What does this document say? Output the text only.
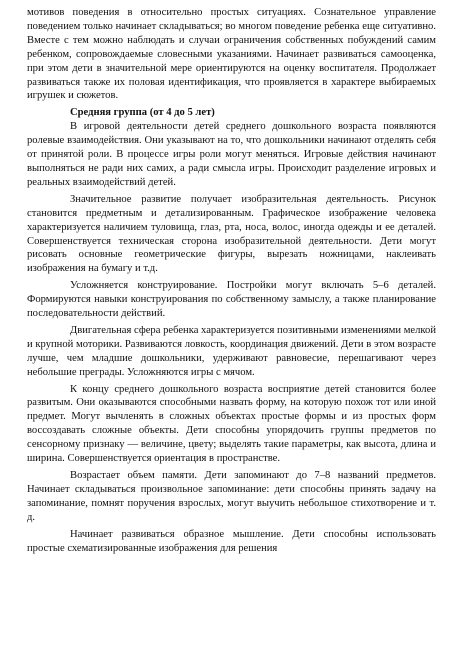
мотивов поведения в относительно простых ситуациях. Сознательное управление поведением только начинает складываться; во многом поведение ребенка еще ситуативно. Вместе с тем можно наблюдать и случаи ограничения собственных побуждений самим ребенком, сопровождаемые словесными указаниями. Начинает развиваться самооценка, при этом дети в значительной мере ориентируются на оценку воспитателя. Продолжает развиваться также их половая идентификация, что проявляется в характере выбираемых игрушек и сюжетов.

Средняя группа (от 4 до 5 лет)

В игровой деятельности детей среднего дошкольного возраста появляются ролевые взаимодействия. Они указывают на то, что дошкольники начинают отделять себя от принятой роли. В процессе игры роли могут меняться. Игровые действия начинают выполняться не ради них самих, а ради смысла игры. Происходит разделение игровых и реальных взаимодействий детей.

Значительное развитие получает изобразительная деятельность. Рисунок становится предметным и детализированным. Графическое изображение человека характеризуется наличием туловища, глаз, рта, носа, волос, иногда одежды и ее деталей. Совершенствуется техническая сторона изобразительной деятельности. Дети могут рисовать основные геометрические фигуры, вырезать ножницами, наклеивать изображения на бумагу и т.д.

Усложняется конструирование. Постройки могут включать 5–6 деталей. Формируются навыки конструирования по собственному замыслу, а также планирование последовательности действий.

Двигательная сфера ребенка характеризуется позитивными изменениями мелкой и крупной моторики. Развиваются ловкость, координация движений. Дети в этом возрасте лучше, чем младшие дошкольники, удерживают равновесие, перешагивают через небольшие преграды. Усложняются игры с мячом.

К концу среднего дошкольного возраста восприятие детей становится более развитым. Они оказываются способными назвать форму, на которую похож тот или иной предмет. Могут вычленять в сложных объектах простые формы и из простых форм воссоздавать сложные объекты. Дети способны упорядочить группы предметов по сенсорному признаку — величине, цвету; выделять такие параметры, как высота, длина и ширина. Совершенствуется ориентация в пространстве.

Возрастает объем памяти. Дети запоминают до 7–8 названий предметов. Начинает складываться произвольное запоминание: дети способны принять задачу на запоминание, помнят поручения взрослых, могут выучить небольшое стихотворение и т. д.

Начинает развиваться образное мышление. Дети способны использовать простые схематизированные изображения для решения
